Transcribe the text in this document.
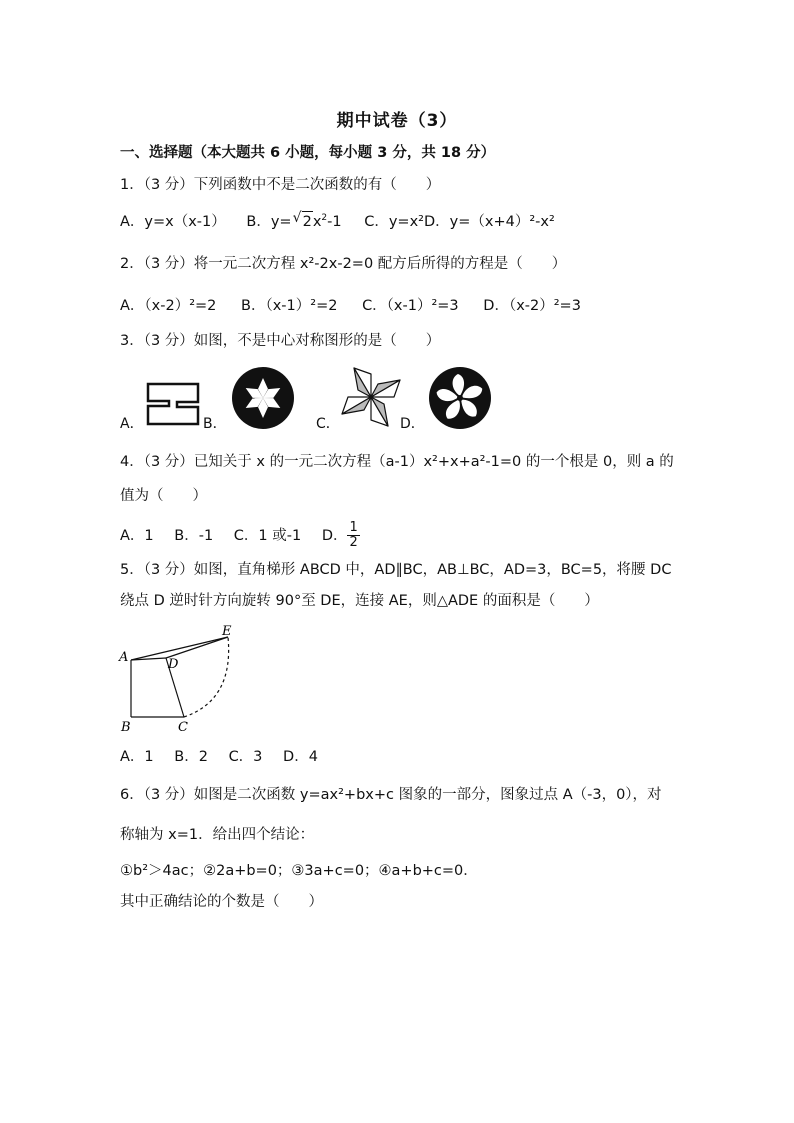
期中试卷（3）
一、选择题（本大题共 6 小题，每小题 3 分，共 18 分）
1．（3 分）下列函数中不是二次函数的有（　　）
A．y=x（x-1） B．y=√ $2x^2-1$ C．y=x²D．y=（x+4）²-x²
2．（3 分）将一元二次方程 x²-2x-2=0 配方后所得的方程是（　　）
A．（x-2）²=2 B．（x-1）²=2 C．（x-1）²=3 D．（x-2）²=3
3．（3 分）如图，不是中心对称图形的是（　　）
A．	B．	C．	D．
4．（3 分）已知关于 x 的一元二次方程（a-1）x²+x+a²-1=0 的一个根是 0，则 a 的
值为（　　）
A．1 B．-1 C．1 或-1 D． $\frac{1}{2}$
5．（3 分）如图，直角梯形 ABCD 中，AD∥BC，AB⊥BC，AD=3，BC=5，将腰 DC
绕点 D 逆时针方向旋转 90°至 DE，连接 AE，则△ADE 的面积是（　　）
A	D
E
B	C
A．1 B．2 C．3 D．4
6．（3 分）如图是二次函数 y=ax²+bx+c 图象的一部分，图象过点 A（-3，0），对
称轴为 x=1．给出四个结论：
①b²＞4ac；②2a+b=0；③3a+c=0；④a+b+c=0．
其中正确结论的个数是（　　）
